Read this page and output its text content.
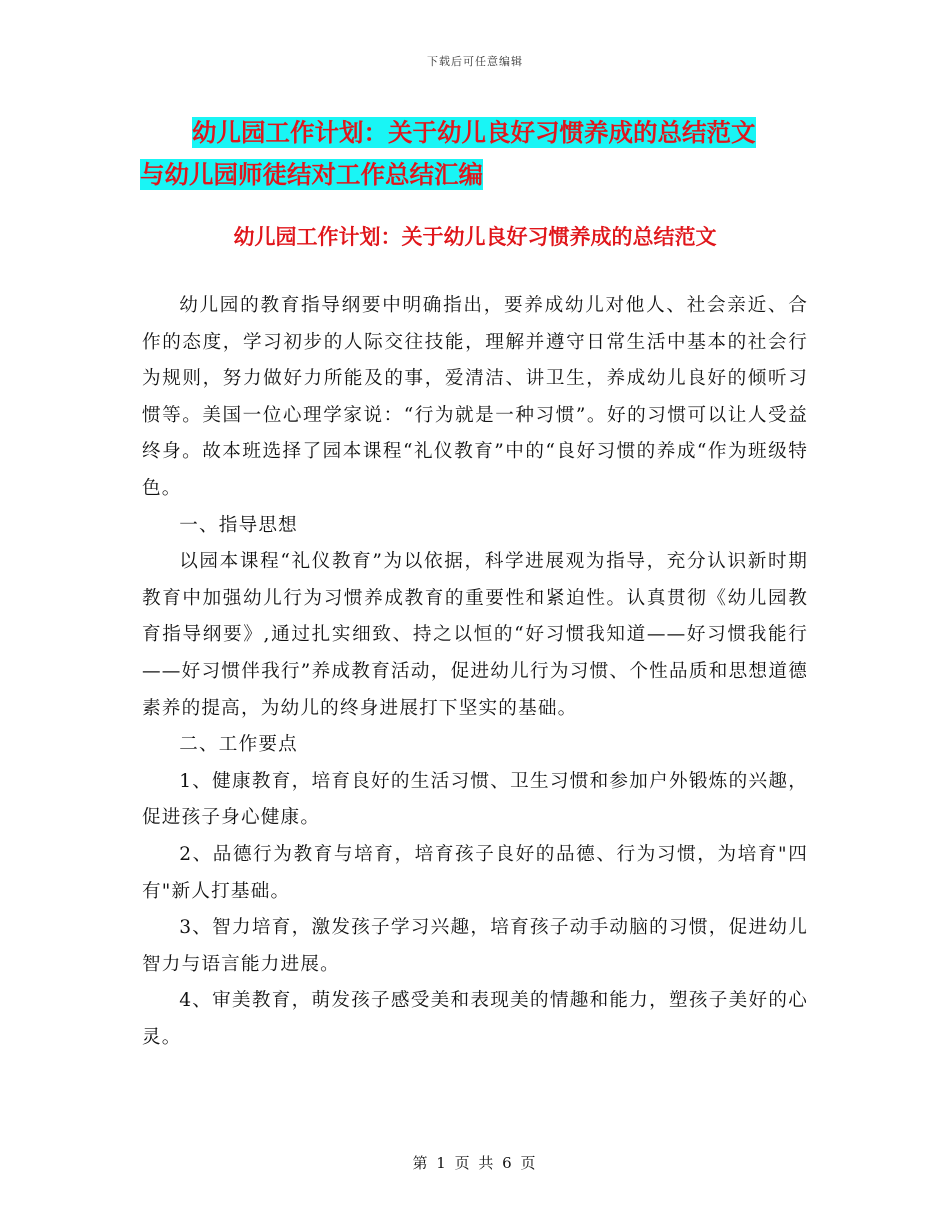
下载后可任意编辑
幼儿园工作计划：关于幼儿良好习惯养成的总结范文
与幼儿园师徒结对工作总结汇编
幼儿园工作计划：关于幼儿良好习惯养成的总结范文

幼儿园的教育指导纲要中明确指出，要养成幼儿对他人、社会亲近、合作的态度，学习初步的人际交往技能，理解并遵守日常生活中基本的社会行为规则，努力做好力所能及的事，爱清洁、讲卫生，养成幼儿良好的倾听习惯等。美国一位心理学家说：“行为就是一种习惯”。好的习惯可以让人受益终身。故本班选择了园本课程“礼仪教育”中的“良好习惯的养成“作为班级特色。

一、指导思想

以园本课程“礼仪教育”为以依据，科学进展观为指导，充分认识新时期教育中加强幼儿行为习惯养成教育的重要性和紧迫性。认真贯彻《幼儿园教育指导纲要》,通过扎实细致、持之以恒的“好习惯我知道——好习惯我能行——好习惯伴我行”养成教育活动，促进幼儿行为习惯、个性品质和思想道德素养的提高，为幼儿的终身进展打下坚实的基础。

二、工作要点

1、健康教育，培育良好的生活习惯、卫生习惯和参加户外锻炼的兴趣，促进孩子身心健康。

2、品德行为教育与培育，培育孩子良好的品德、行为习惯，为培育"四有"新人打基础。

3、智力培育，激发孩子学习兴趣，培育孩子动手动脑的习惯，促进幼儿智力与语言能力进展。

4、审美教育，萌发孩子感受美和表现美的情趣和能力，塑孩子美好的心灵。

第 1 页 共 6 页
